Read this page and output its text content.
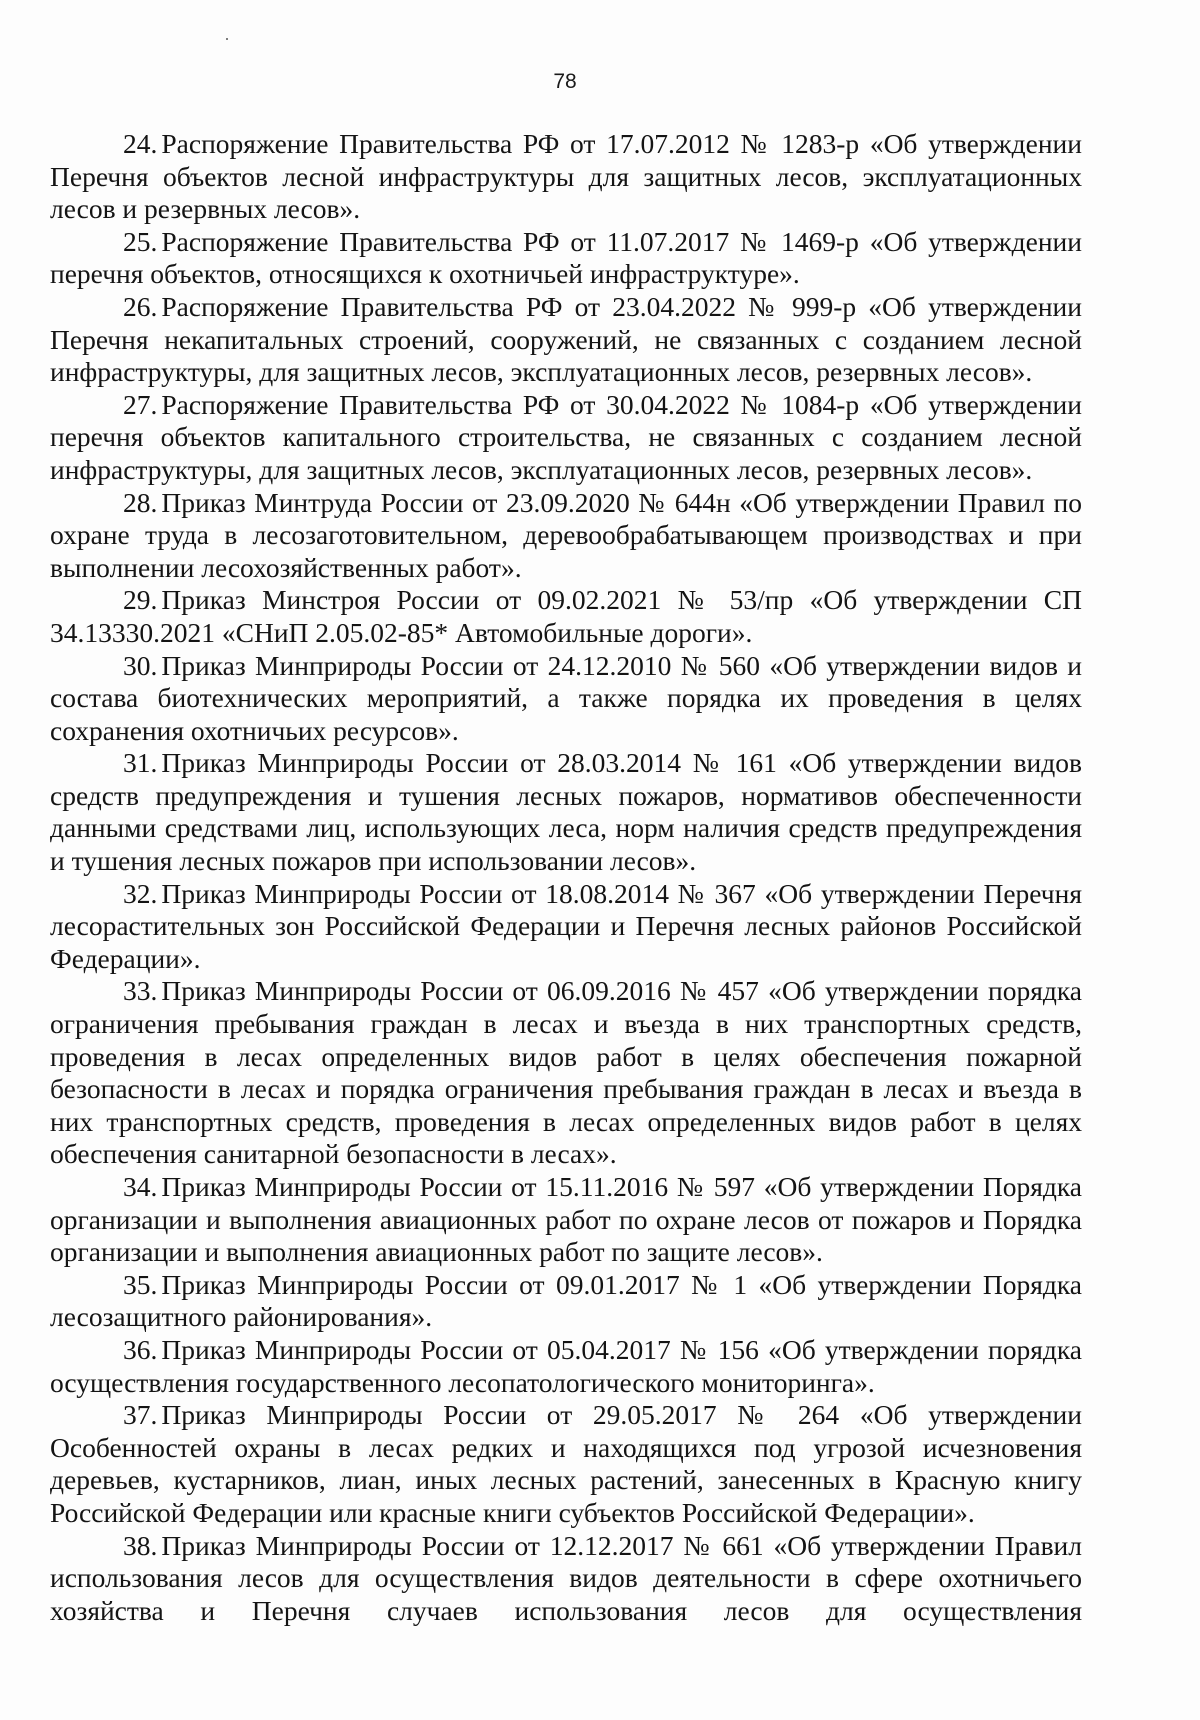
78

24. Распоряжение Правительства РФ от 17.07.2012 № 1283-р «Об утверждении Перечня объектов лесной инфраструктуры для защитных лесов, эксплуатационных лесов и резервных лесов».

25. Распоряжение Правительства РФ от 11.07.2017 № 1469-р «Об утверждении перечня объектов, относящихся к охотничьей инфраструктуре».

26. Распоряжение Правительства РФ от 23.04.2022 № 999-р «Об утверждении Перечня некапитальных строений, сооружений, не связанных с созданием лесной инфраструктуры, для защитных лесов, эксплуатационных лесов, резервных лесов».

27. Распоряжение Правительства РФ от 30.04.2022 № 1084-р «Об утверждении перечня объектов капитального строительства, не связанных с созданием лесной инфраструктуры, для защитных лесов, эксплуатационных лесов, резервных лесов».

28. Приказ Минтруда России от 23.09.2020 № 644н «Об утверждении Правил по охране труда в лесозаготовительном, деревообрабатывающем производствах и при выполнении лесохозяйственных работ».

29. Приказ Минстроя России от 09.02.2021 № 53/пр «Об утверждении СП 34.13330.2021 «СНиП 2.05.02-85* Автомобильные дороги».

30. Приказ Минприроды России от 24.12.2010 № 560 «Об утверждении видов и состава биотехнических мероприятий, а также порядка их проведения в целях сохранения охотничьих ресурсов».

31. Приказ Минприроды России от 28.03.2014 № 161 «Об утверждении видов средств предупреждения и тушения лесных пожаров, нормативов обеспеченности данными средствами лиц, использующих леса, норм наличия средств предупреждения и тушения лесных пожаров при использовании лесов».

32. Приказ Минприроды России от 18.08.2014 № 367 «Об утверждении Перечня лесорастительных зон Российской Федерации и Перечня лесных районов Российской Федерации».

33. Приказ Минприроды России от 06.09.2016 № 457 «Об утверждении порядка ограничения пребывания граждан в лесах и въезда в них транспортных средств, проведения в лесах определенных видов работ в целях обеспечения пожарной безопасности в лесах и порядка ограничения пребывания граждан в лесах и въезда в них транспортных средств, проведения в лесах определенных видов работ в целях обеспечения санитарной безопасности в лесах».

34. Приказ Минприроды России от 15.11.2016 № 597 «Об утверждении Порядка организации и выполнения авиационных работ по охране лесов от пожаров и Порядка организации и выполнения авиационных работ по защите лесов».

35. Приказ Минприроды России от 09.01.2017 № 1 «Об утверждении Порядка лесозащитного районирования».

36. Приказ Минприроды России от 05.04.2017 № 156 «Об утверждении порядка осуществления государственного лесопатологического мониторинга».

37. Приказ Минприроды России от 29.05.2017 № 264 «Об утверждении Особенностей охраны в лесах редких и находящихся под угрозой исчезновения деревьев, кустарников, лиан, иных лесных растений, занесенных в Красную книгу Российской Федерации или красные книги субъектов Российской Федерации».

38. Приказ Минприроды России от 12.12.2017 № 661 «Об утверждении Правил использования лесов для осуществления видов деятельности в сфере охотничьего хозяйства и Перечня случаев использования лесов для осуществления
